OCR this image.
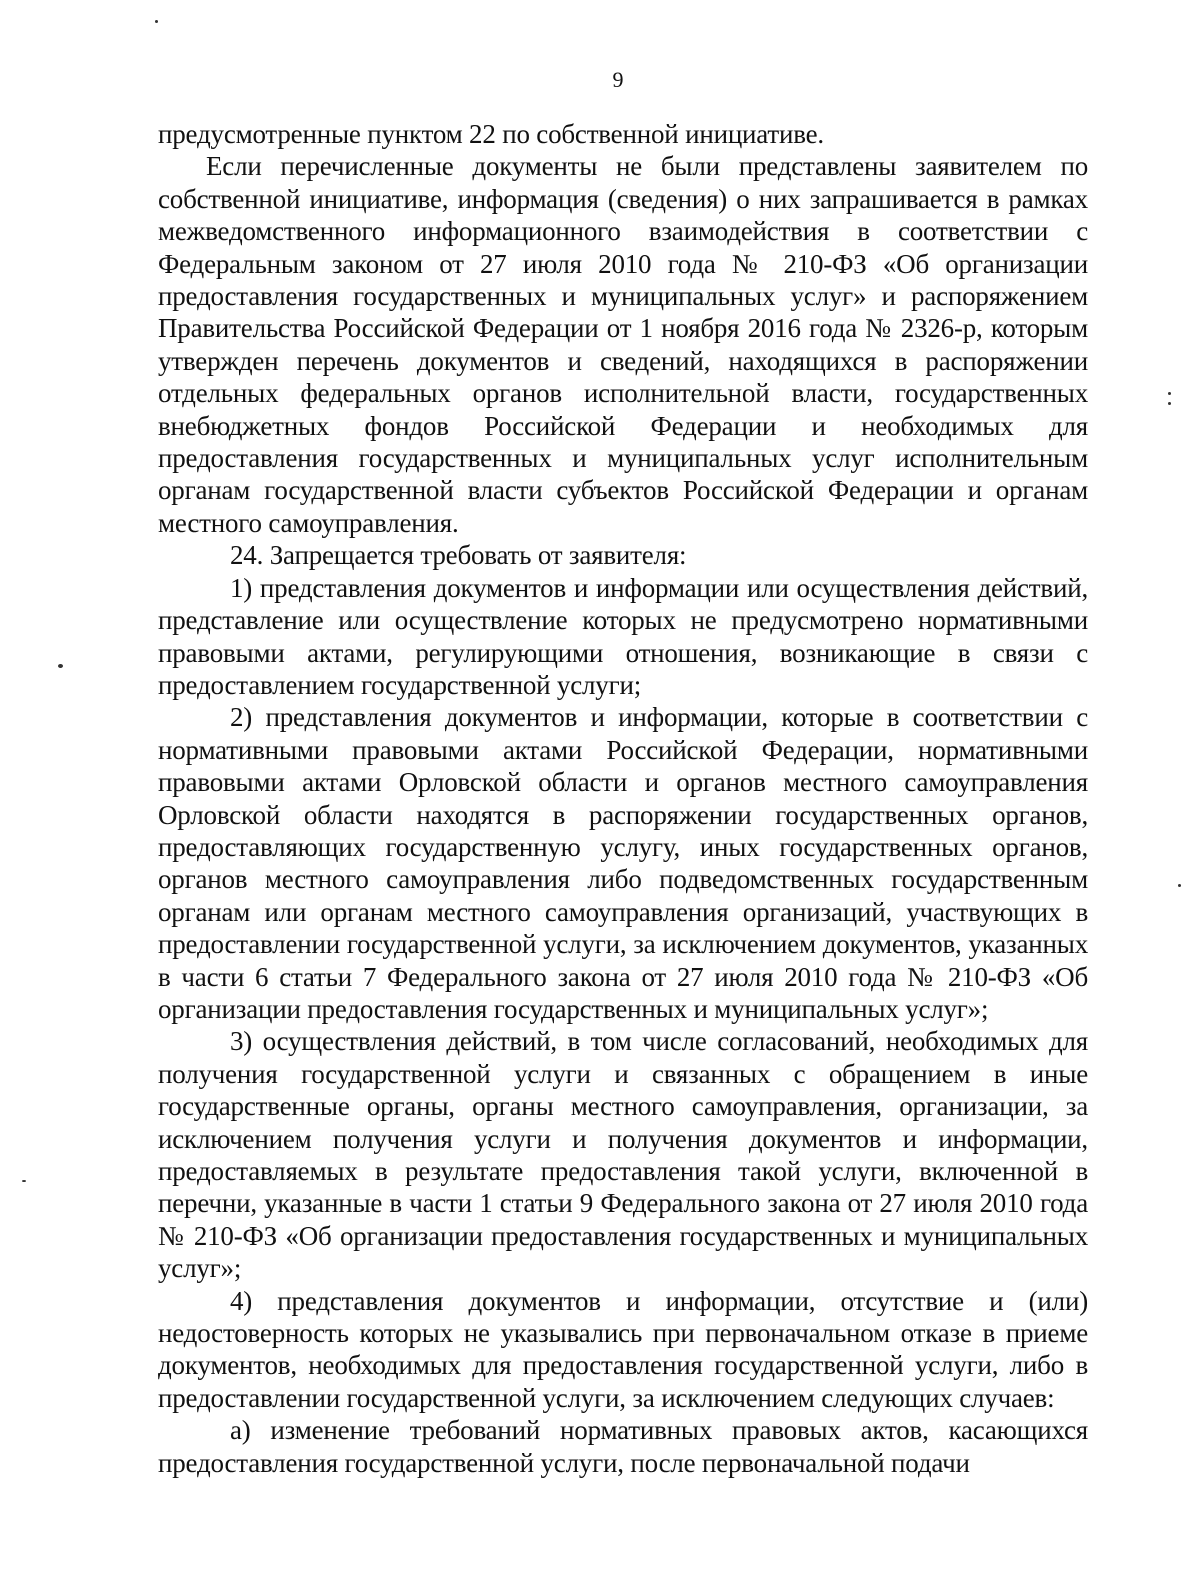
9

предусмотренные пунктом 22 по собственной инициативе.

Если перечисленные документы не были представлены заявителем по собственной инициативе, информация (сведения) о них запрашивается в рамках межведомственного информационного взаимодействия в соответствии с Федеральным законом от 27 июля 2010 года № 210-ФЗ «Об организации предоставления государственных и муниципальных услуг» и распоряжением Правительства Российской Федерации от 1 ноября 2016 года № 2326-р, которым утвержден перечень документов и сведений, находящихся в распоряжении отдельных федеральных органов исполнительной власти, государственных внебюджетных фондов Российской Федерации и необходимых для предоставления государственных и муниципальных услуг исполнительным органам государственной власти субъектов Российской Федерации и органам местного самоуправления.

24. Запрещается требовать от заявителя:

1) представления документов и информации или осуществления действий, представление или осуществление которых не предусмотрено нормативными правовыми актами, регулирующими отношения, возникающие в связи с предоставлением государственной услуги;

2) представления документов и информации, которые в соответствии с нормативными правовыми актами Российской Федерации, нормативными правовыми актами Орловской области и органов местного самоуправления Орловской области находятся в распоряжении государственных органов, предоставляющих государственную услугу, иных государственных органов, органов местного самоуправления либо подведомственных государственным органам или органам местного самоуправления организаций, участвующих в предоставлении государственной услуги, за исключением документов, указанных в части 6 статьи 7 Федерального закона от 27 июля 2010 года № 210-ФЗ «Об организации предоставления государственных и муниципальных услуг»;

3) осуществления действий, в том числе согласований, необходимых для получения государственной услуги и связанных с обращением в иные государственные органы, органы местного самоуправления, организации, за исключением получения услуги и получения документов и информации, предоставляемых в результате предоставления такой услуги, включенной в перечни, указанные в части 1 статьи 9 Федерального закона от 27 июля 2010 года № 210-ФЗ «Об организации предоставления государственных и муниципальных услуг»;

4) представления документов и информации, отсутствие и (или) недостоверность которых не указывались при первоначальном отказе в приеме документов, необходимых для предоставления государственной услуги, либо в предоставлении государственной услуги, за исключением следующих случаев:

а) изменение требований нормативных правовых актов, касающихся предоставления государственной услуги, после первоначальной подачи
